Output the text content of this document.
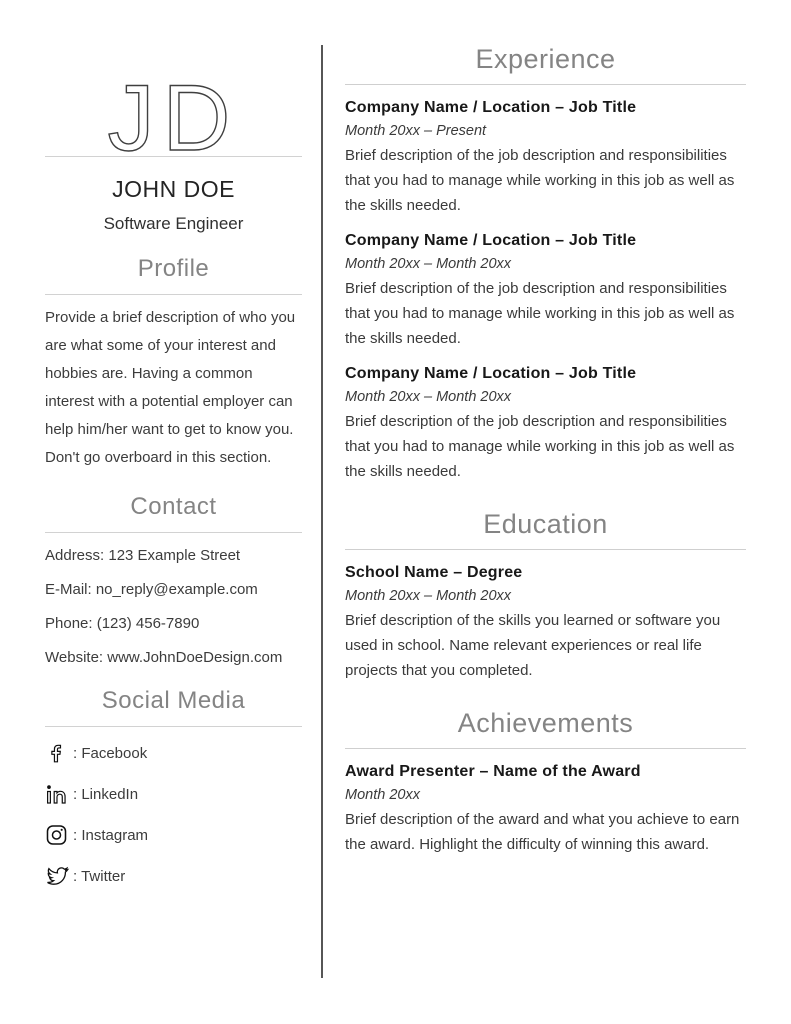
JD
JOHN DOE
Software Engineer
Profile

Provide a brief description of who you are what some of your interest and hobbies are. Having a common interest with a potential employer can help him/her want to get to know you. Don't go overboard in this section.

Contact

Address: 123 Example Street

E-Mail: no_reply@example.com

Phone: (123) 456-7890

Website: www.JohnDoeDesign.com

Social Media
: Facebook
: LinkedIn
: Instagram
: Twitter
Experience
Company Name / Location – Job Title
Month 20xx – Present

Brief description of the job description and responsibilities that you had to manage while working in this job as well as the skills needed.

Company Name / Location – Job Title
Month 20xx – Month 20xx

Brief description of the job description and responsibilities that you had to manage while working in this job as well as the skills needed.

Company Name / Location – Job Title
Month 20xx – Month 20xx

Brief description of the job description and responsibilities that you had to manage while working in this job as well as the skills needed.

Education
School Name – Degree
Month 20xx – Month 20xx

Brief description of the skills you learned or software you used in school. Name relevant experiences or real life projects that you completed.

Achievements
Award Presenter – Name of the Award
Month 20xx

Brief description of the award and what you achieve to earn the award. Highlight the difficulty of winning this award.
